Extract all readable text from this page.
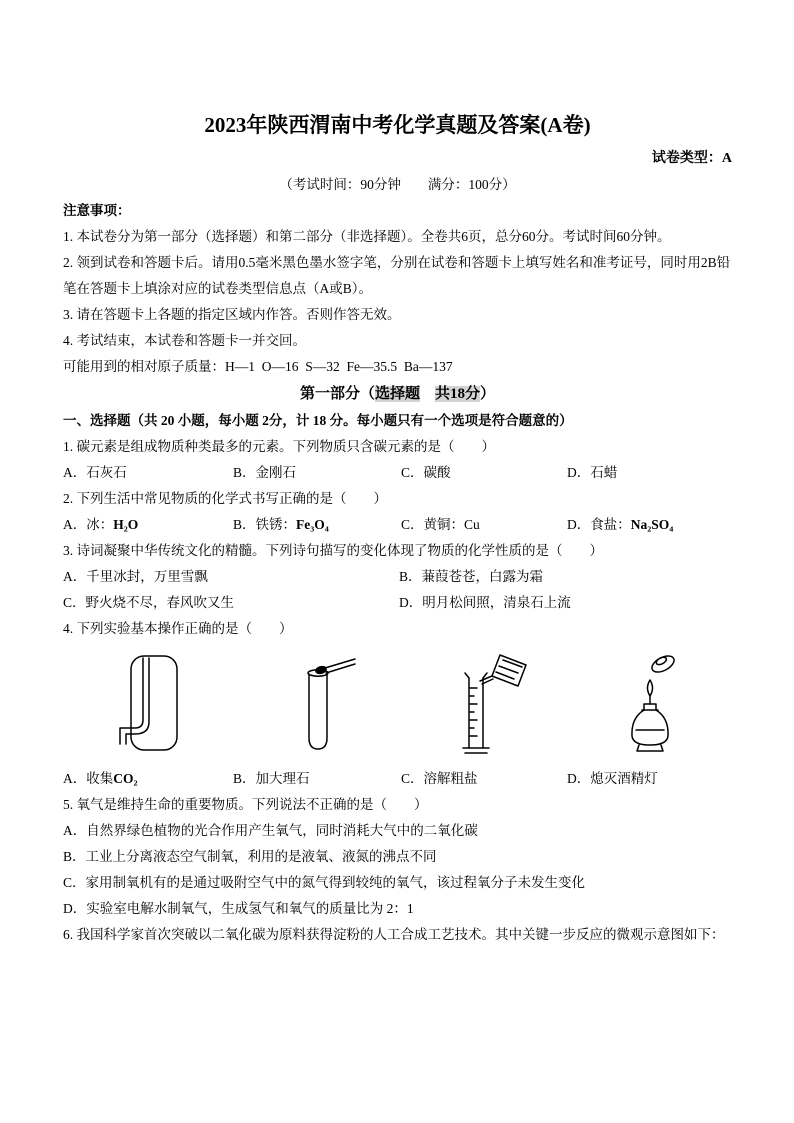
2023年陕西渭南中考化学真题及答案(A卷)

试卷类型：A

（考试时间：90分钟　　满分：100分）

注意事项：

1. 本试卷分为第一部分（选择题）和第二部分（非选择题）。全卷共6页，总分60分。考试时间60分钟。

2. 领到试卷和答题卡后。请用0.5毫米黑色墨水签字笔，分别在试卷和答题卡上填写姓名和准考证号，同时用2B铅笔在答题卡上填涂对应的试卷类型信息点（A或B）。

3. 请在答题卡上各题的指定区域内作答。否则作答无效。

4. 考试结束，本试卷和答题卡一并交回。

可能用到的相对原子质量：H—1  O—16  S—32  Fe—35.5  Ba—137

第一部分（选择题　 共18分）

一、选择题（共 20 小题，每小题 2分，计 18 分。每小题只有一个选项是符合题意的）

1. 碳元素是组成物质种类最多的元素。下列物质只含碳元素的是（　　）

A．石灰石	B．金刚石	C．碳酸	D．石蜡

2. 下列生活中常见物质的化学式书写正确的是（　　）

A．冰：H₂O	B．铁锈：Fe₃O₄	C．黄铜：Cu	D．食盐：Na₂SO₄

3. 诗词凝聚中华传统文化的精髓。下列诗句描写的变化体现了物质的化学性质的是（　　）

A．千里冰封，万里雪飘	B．蒹葭苍苍，白露为霜

C．野火烧不尽，春风吹又生	D．明月松间照，清泉石上流

4. 下列实验基本操作正确的是（　　）

A．收集CO₂	B．加大理石	C．溶解粗盐	D．熄灭酒精灯

5. 氧气是维持生命的重要物质。下列说法不正确的是（　　）

A．自然界绿色植物的光合作用产生氧气，同时消耗大气中的二氧化碳

B．工业上分离液态空气制氧，利用的是液氧、液氮的沸点不同

C．家用制氧机有的是通过吸附空气中的氮气得到较纯的氧气，该过程氧分子未发生变化

D．实验室电解水制氧气，生成氢气和氧气的质量比为 2：1

6. 我国科学家首次突破以二氧化碳为原料获得淀粉的人工合成工艺技术。其中关键一步反应的微观示意图如下：
